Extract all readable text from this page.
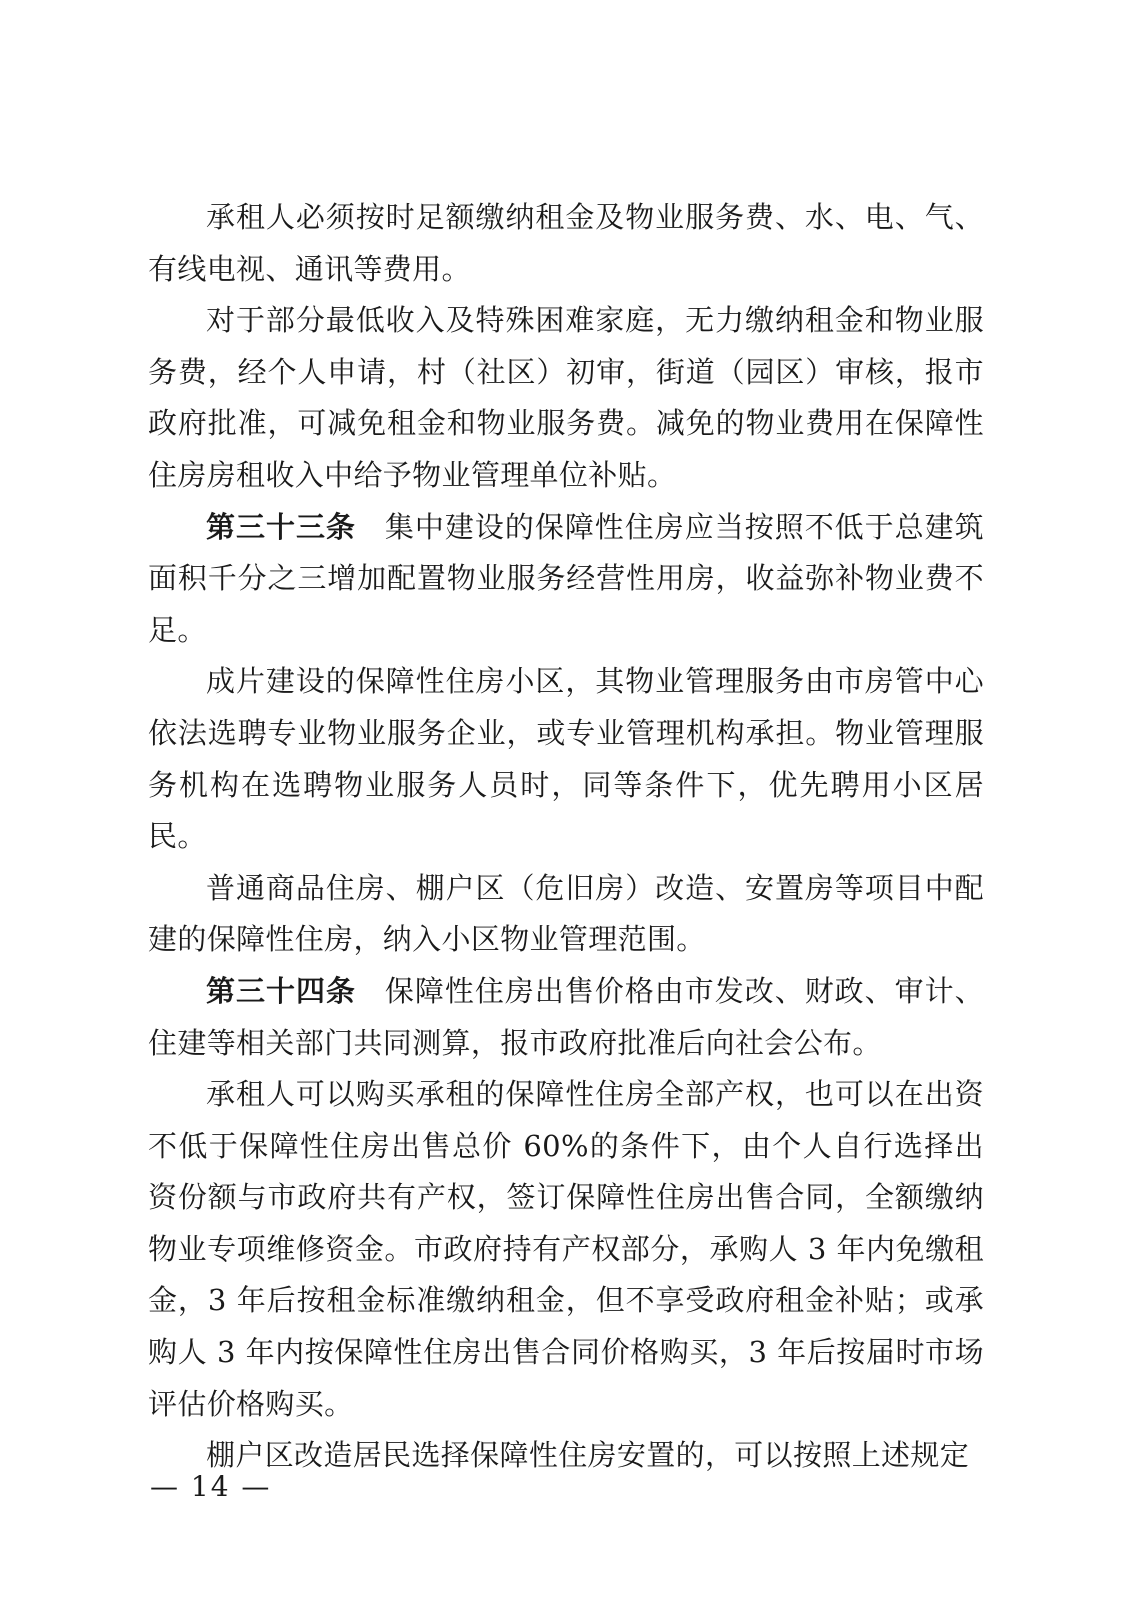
承租人必须按时足额缴纳租金及物业服务费、水、电、气、有线电视、通讯等费用。

对于部分最低收入及特殊困难家庭，无力缴纳租金和物业服务费，经个人申请，村（社区）初审，街道（园区）审核，报市政府批准，可减免租金和物业服务费。减免的物业费用在保障性住房房租收入中给予物业管理单位补贴。

第三十三条 集中建设的保障性住房应当按照不低于总建筑面积千分之三增加配置物业服务经营性用房，收益弥补物业费不足。

成片建设的保障性住房小区，其物业管理服务由市房管中心依法选聘专业物业服务企业，或专业管理机构承担。物业管理服务机构在选聘物业服务人员时，同等条件下，优先聘用小区居民。

普通商品住房、棚户区（危旧房）改造、安置房等项目中配建的保障性住房，纳入小区物业管理范围。

第三十四条 保障性住房出售价格由市发改、财政、审计、住建等相关部门共同测算，报市政府批准后向社会公布。

承租人可以购买承租的保障性住房全部产权，也可以在出资不低于保障性住房出售总价 60%的条件下，由个人自行选择出资份额与市政府共有产权，签订保障性住房出售合同，全额缴纳物业专项维修资金。市政府持有产权部分，承购人 3 年内免缴租金，3 年后按租金标准缴纳租金，但不享受政府租金补贴；或承购人 3 年内按保障性住房出售合同价格购买，3 年后按届时市场评估价格购买。

棚户区改造居民选择保障性住房安置的，可以按照上述规定

— 14 —
